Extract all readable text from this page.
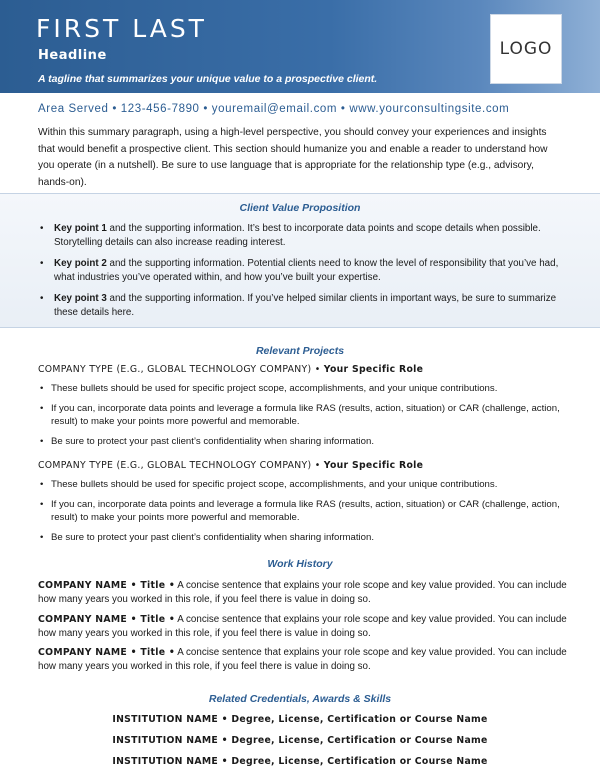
FIRST LAST
Headline
A tagline that summarizes your unique value to a prospective client.
LOGO
Area Served • 123-456-7890 • youremail@email.com • www.yourconsultingsite.com
Within this summary paragraph, using a high-level perspective, you should convey your experiences and insights that would benefit a prospective client. This section should humanize you and enable a reader to understand how you operate (in a nutshell). Be sure to use language that is appropriate for the relationship type (e.g., advisory, hands-on).
Client Value Proposition
• Key point 1 and the supporting information. It’s best to incorporate data points and scope details when possible. Storytelling details can also increase reading interest.
• Key point 2 and the supporting information. Potential clients need to know the level of responsibility that you’ve had, what industries you’ve operated within, and how you’ve built your expertise.
• Key point 3 and the supporting information. If you’ve helped similar clients in important ways, be sure to summarize these details here.
Relevant Projects
COMPANY TYPE (E.G., GLOBAL TECHNOLOGY COMPANY) • Your Specific Role
• These bullets should be used for specific project scope, accomplishments, and your unique contributions.
• If you can, incorporate data points and leverage a formula like RAS (results, action, situation) or CAR (challenge, action, result) to make your points more powerful and memorable.
• Be sure to protect your past client’s confidentiality when sharing information.
COMPANY TYPE (E.G., GLOBAL TECHNOLOGY COMPANY) • Your Specific Role
• These bullets should be used for specific project scope, accomplishments, and your unique contributions.
• If you can, incorporate data points and leverage a formula like RAS (results, action, situation) or CAR (challenge, action, result) to make your points more powerful and memorable.
• Be sure to protect your past client’s confidentiality when sharing information.
Work History
COMPANY NAME • Title • A concise sentence that explains your role scope and key value provided. You can include how many years you worked in this role, if you feel there is value in doing so.
COMPANY NAME • Title • A concise sentence that explains your role scope and key value provided. You can include how many years you worked in this role, if you feel there is value in doing so.
COMPANY NAME • Title • A concise sentence that explains your role scope and key value provided. You can include how many years you worked in this role, if you feel there is value in doing so.
Related Credentials, Awards & Skills
INSTITUTION NAME • Degree, License, Certification or Course Name
INSTITUTION NAME • Degree, License, Certification or Course Name
INSTITUTION NAME • Degree, License, Certification or Course Name
